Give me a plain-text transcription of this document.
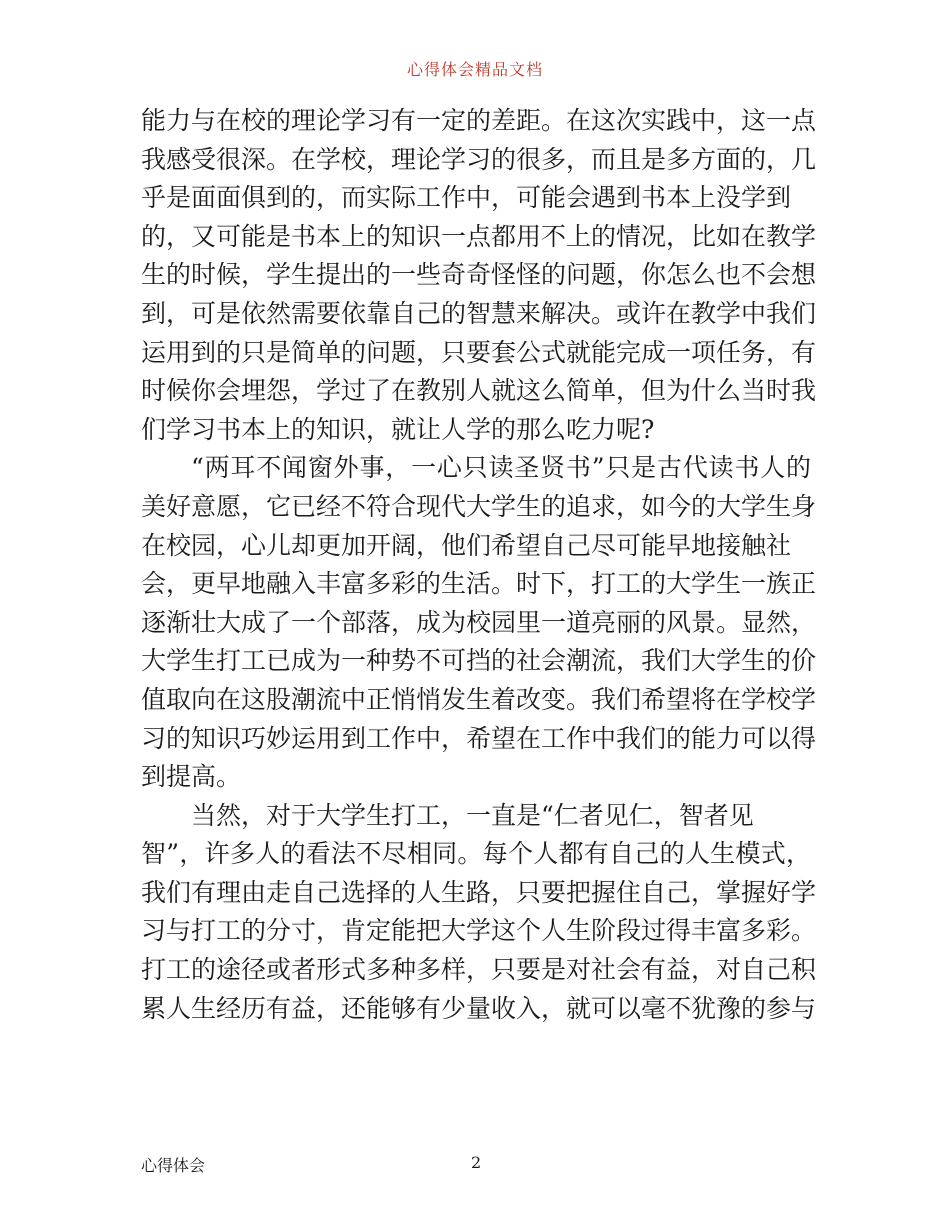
心得体会精品文档
能力与在校的理论学习有一定的差距。在这次实践中，这一点
我感受很深。在学校，理论学习的很多，而且是多方面的，几
乎是面面俱到的，而实际工作中，可能会遇到书本上没学到
的，又可能是书本上的知识一点都用不上的情况，比如在教学
生的时候，学生提出的一些奇奇怪怪的问题，你怎么也不会想
到，可是依然需要依靠自己的智慧来解决。或许在教学中我们
运用到的只是简单的问题，只要套公式就能完成一项任务，有
时候你会埋怨，学过了在教别人就这么简单，但为什么当时我
们学习书本上的知识，就让人学的那么吃力呢?
“两耳不闻窗外事，一心只读圣贤书”只是古代读书人的
美好意愿，它已经不符合现代大学生的追求，如今的大学生身
在校园，心儿却更加开阔，他们希望自己尽可能早地接触社
会，更早地融入丰富多彩的生活。时下，打工的大学生一族正
逐渐壮大成了一个部落，成为校园里一道亮丽的风景。显然，
大学生打工已成为一种势不可挡的社会潮流，我们大学生的价
值取向在这股潮流中正悄悄发生着改变。我们希望将在学校学
习的知识巧妙运用到工作中，希望在工作中我们的能力可以得
到提高。
当然，对于大学生打工，一直是“仁者见仁，智者见
智”，许多人的看法不尽相同。每个人都有自己的人生模式，
我们有理由走自己选择的人生路，只要把握住自己，掌握好学
习与打工的分寸，肯定能把大学这个人生阶段过得丰富多彩。
打工的途径或者形式多种多样，只要是对社会有益，对自己积
累人生经历有益，还能够有少量收入，就可以毫不犹豫的参与
心得体会	2
